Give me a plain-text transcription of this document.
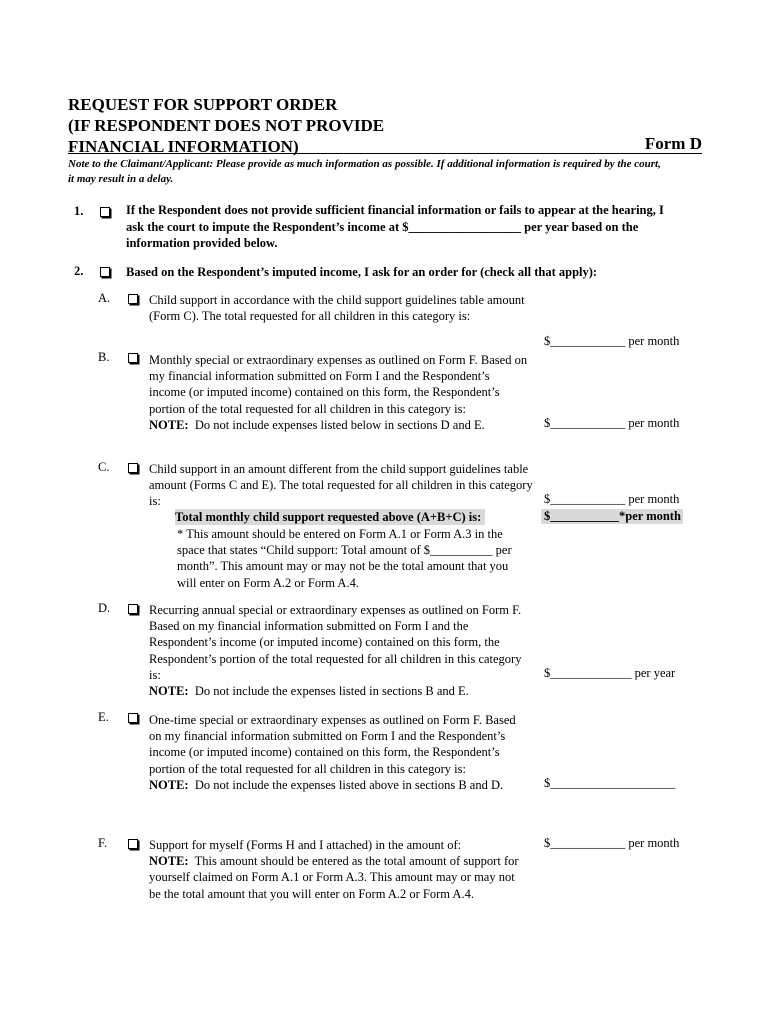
REQUEST FOR SUPPORT ORDER
(IF RESPONDENT DOES NOT PROVIDE
FINANCIAL INFORMATION)	Form D
Note to the Claimant/Applicant: Please provide as much information as possible. If additional information is required by the court, it may result in a delay.
1.	If the Respondent does not provide sufficient financial information or fails to appear at the hearing, I ask the court to impute the Respondent’s income at $__________________ per year based on the information provided below.
2.	Based on the Respondent’s imputed income, I ask for an order for (check all that apply):
A.	Child support in accordance with the child support guidelines table amount (Form C). The total requested for all children in this category is:
$____________ per month
B.	Monthly special or extraordinary expenses as outlined on Form F. Based on my financial information submitted on Form I and the Respondent’s income (or imputed income) contained on this form, the Respondent’s portion of the total requested for all children in this category is:
NOTE: Do not include expenses listed below in sections D and E.	$____________ per month
C.	Child support in an amount different from the child support guidelines table amount (Forms C and E). The total requested for all children in this category is:	$____________ per month
Total monthly child support requested above (A+B+C) is:	$___________*per month
* This amount should be entered on Form A.1 or Form A.3 in the space that states “Child support: Total amount of $__________ per month”. This amount may or may not be the total amount that you will enter on Form A.2 or Form A.4.
D.	Recurring annual special or extraordinary expenses as outlined on Form F. Based on my financial information submitted on Form I and the Respondent’s income (or imputed income) contained on this form, the Respondent’s portion of the total requested for all children in this category is:
NOTE: Do not include the expenses listed in sections B and E.
$_____________ per year
E.	One-time special or extraordinary expenses as outlined on Form F. Based on my financial information submitted on Form I and the Respondent’s income (or imputed income) contained on this form, the Respondent’s portion of the total requested for all children in this category is:
NOTE: Do not include the expenses listed above in sections B and D.	$____________________
F.	Support for myself (Forms H and I attached) in the amount of:
NOTE: This amount should be entered as the total amount of support for yourself claimed on Form A.1 or Form A.3. This amount may or may not be the total amount that you will enter on Form A.2 or Form A.4.
$____________ per month
